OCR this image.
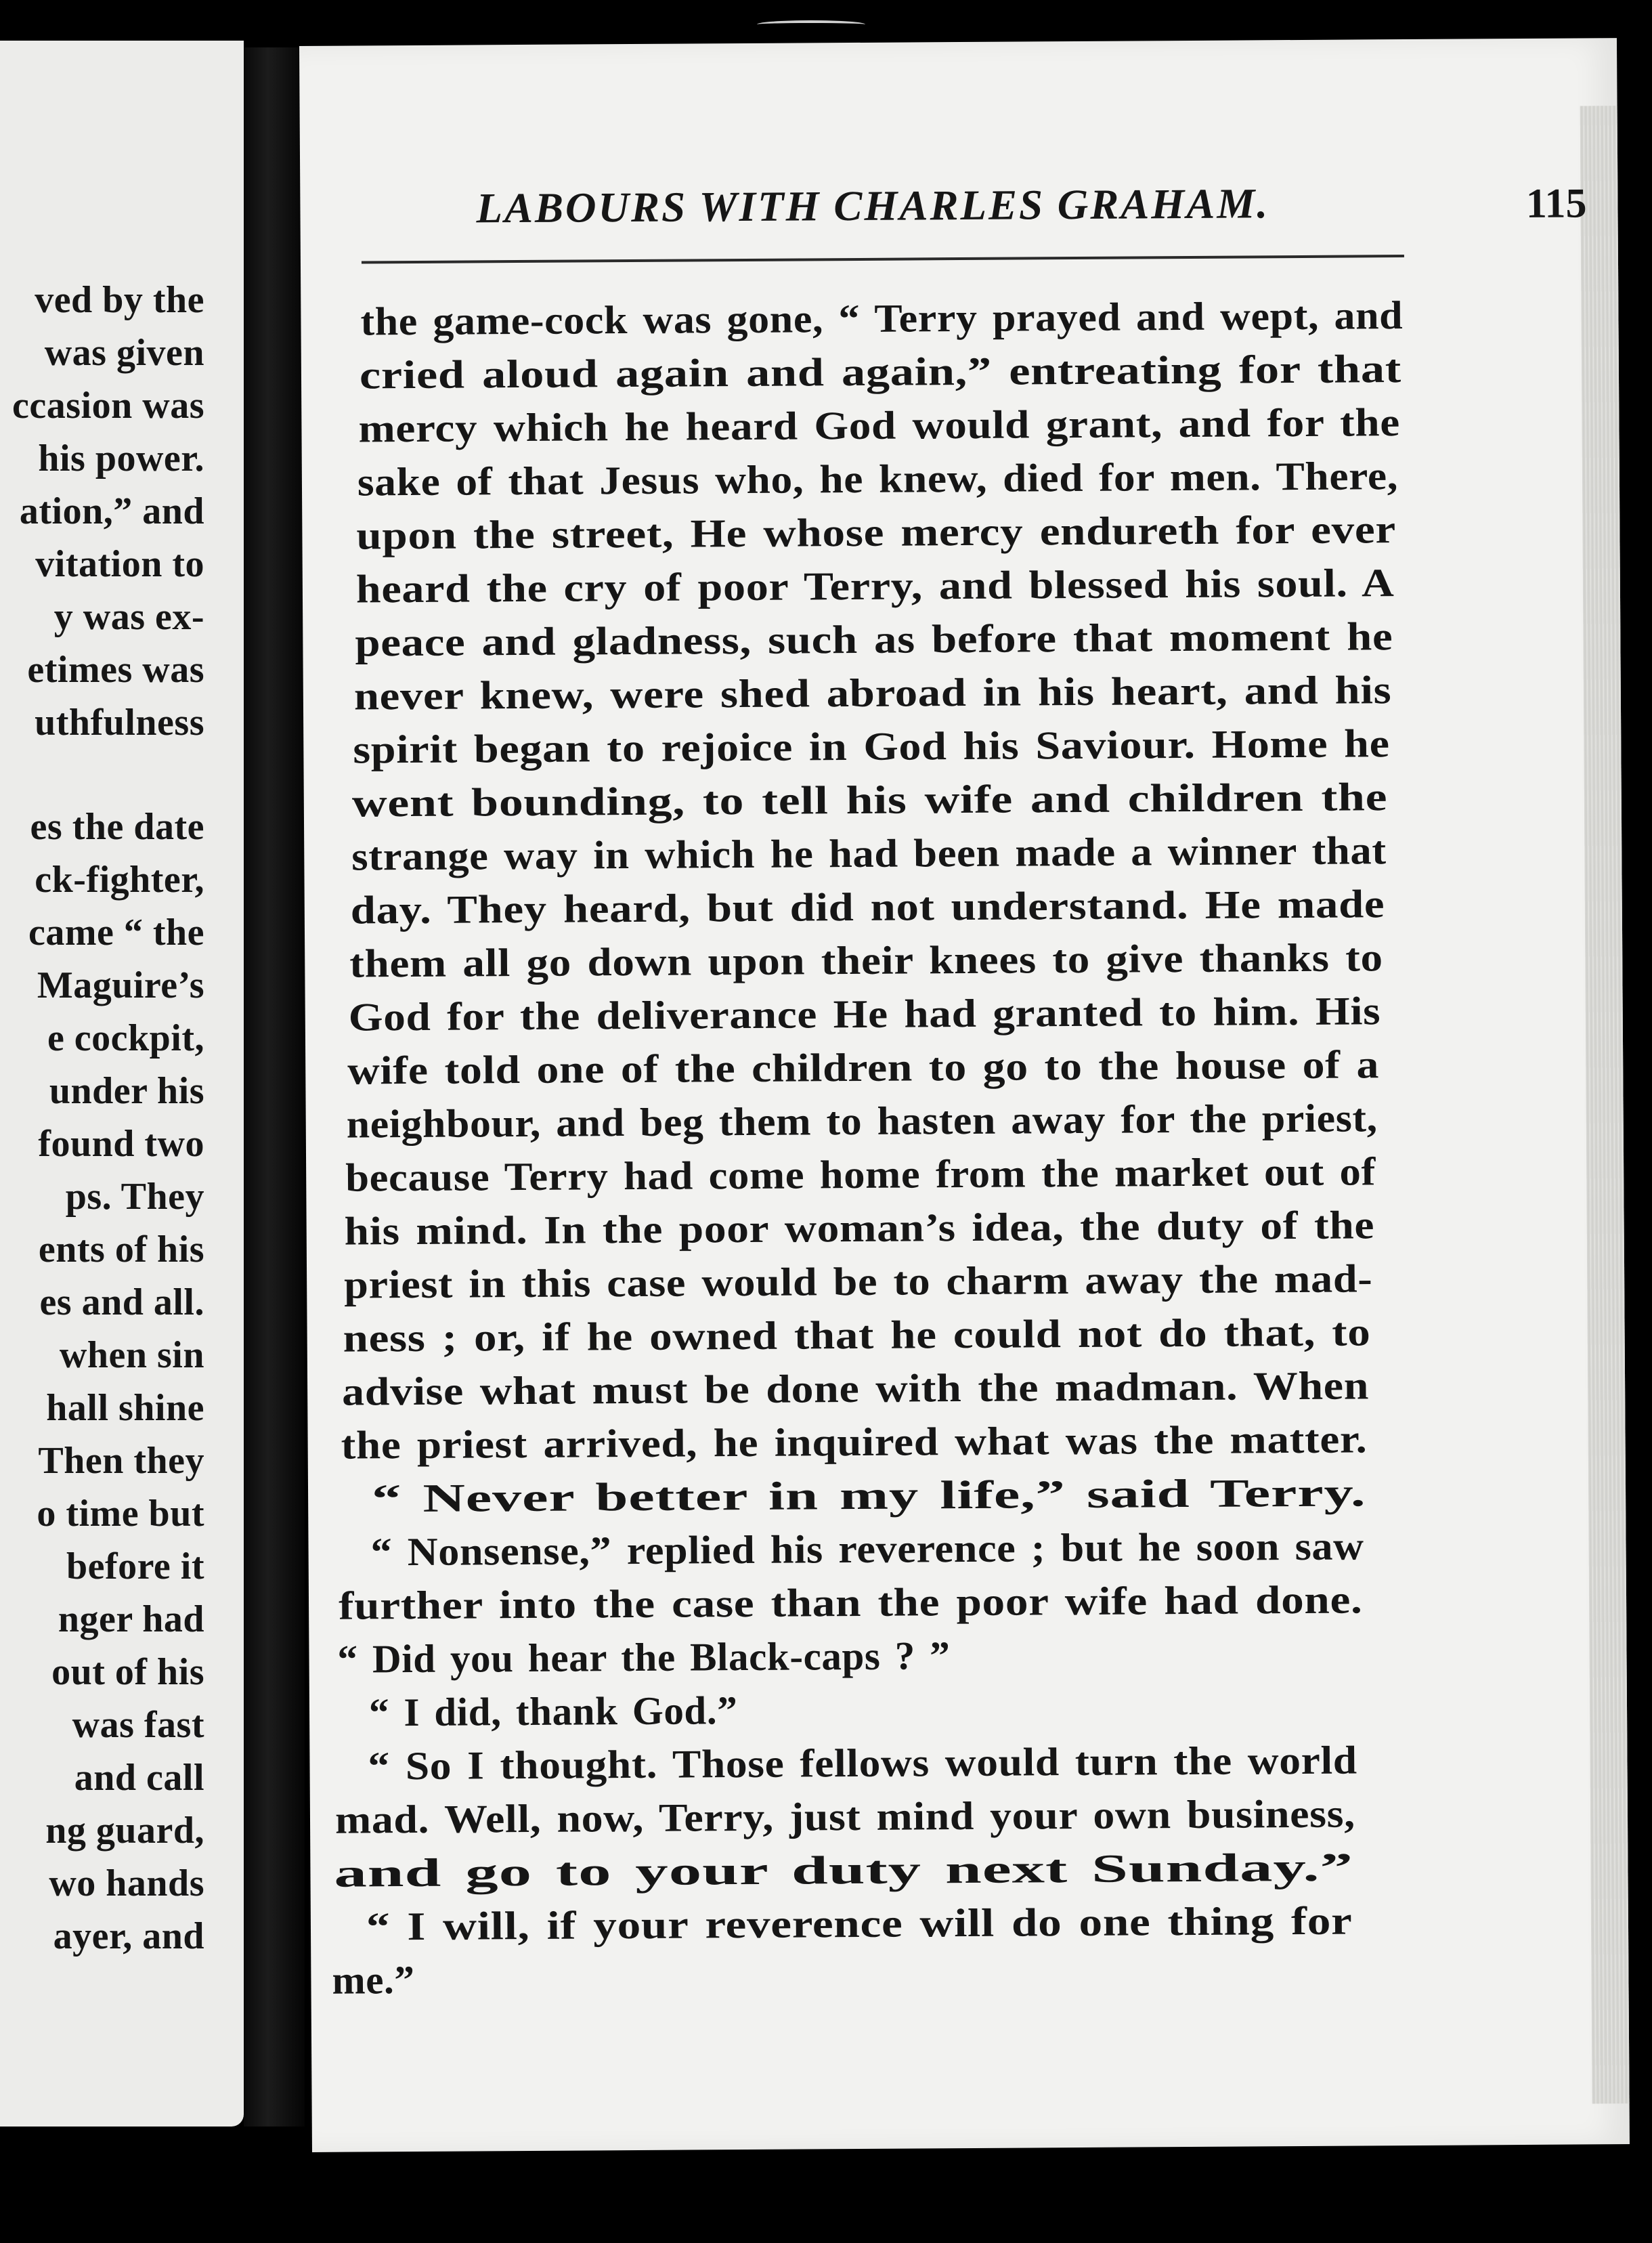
ved by the
was given
ccasion was
his power.
ation,” and
vitation to
y was ex-
etimes was
uthfulness
es the date
ck-fighter,
came “ the
Maguire’s
e cockpit,
under his
found two
ps. They
ents of his
es and all.
when sin
hall shine
Then they
o time but
before it
nger had
out of his
was fast
and call
ng guard,
wo hands
ayer, and
LABOURS WITH CHARLES GRAHAM.	115
the game-cock was gone, “ Terry prayed and wept, and
cried aloud again and again,” entreating for that
mercy which he heard God would grant, and for the
sake of that Jesus who, he knew, died for men. There,
upon the street, He whose mercy endureth for ever
heard the cry of poor Terry, and blessed his soul. A
peace and gladness, such as before that moment he
never knew, were shed abroad in his heart, and his
spirit began to rejoice in God his Saviour. Home he
went bounding, to tell his wife and children the
strange way in which he had been made a winner that
day. They heard, but did not understand. He made
them all go down upon their knees to give thanks to
God for the deliverance He had granted to him. His
wife told one of the children to go to the house of a
neighbour, and beg them to hasten away for the priest,
because Terry had come home from the market out of
his mind. In the poor woman’s idea, the duty of the
priest in this case would be to charm away the mad-
ness ; or, if he owned that he could not do that, to
advise what must be done with the madman. When
the priest arrived, he inquired what was the matter.
“ Never better in my life,” said Terry.
“ Nonsense,” replied his reverence ; but he soon saw
further into the case than the poor wife had done.
“ Did you hear the Black-caps ? ”
“ I did, thank God.”
“ So I thought. Those fellows would turn the world
mad. Well, now, Terry, just mind your own business,
and go to your duty next Sunday.”
“ I will, if your reverence will do one thing for
me.”
